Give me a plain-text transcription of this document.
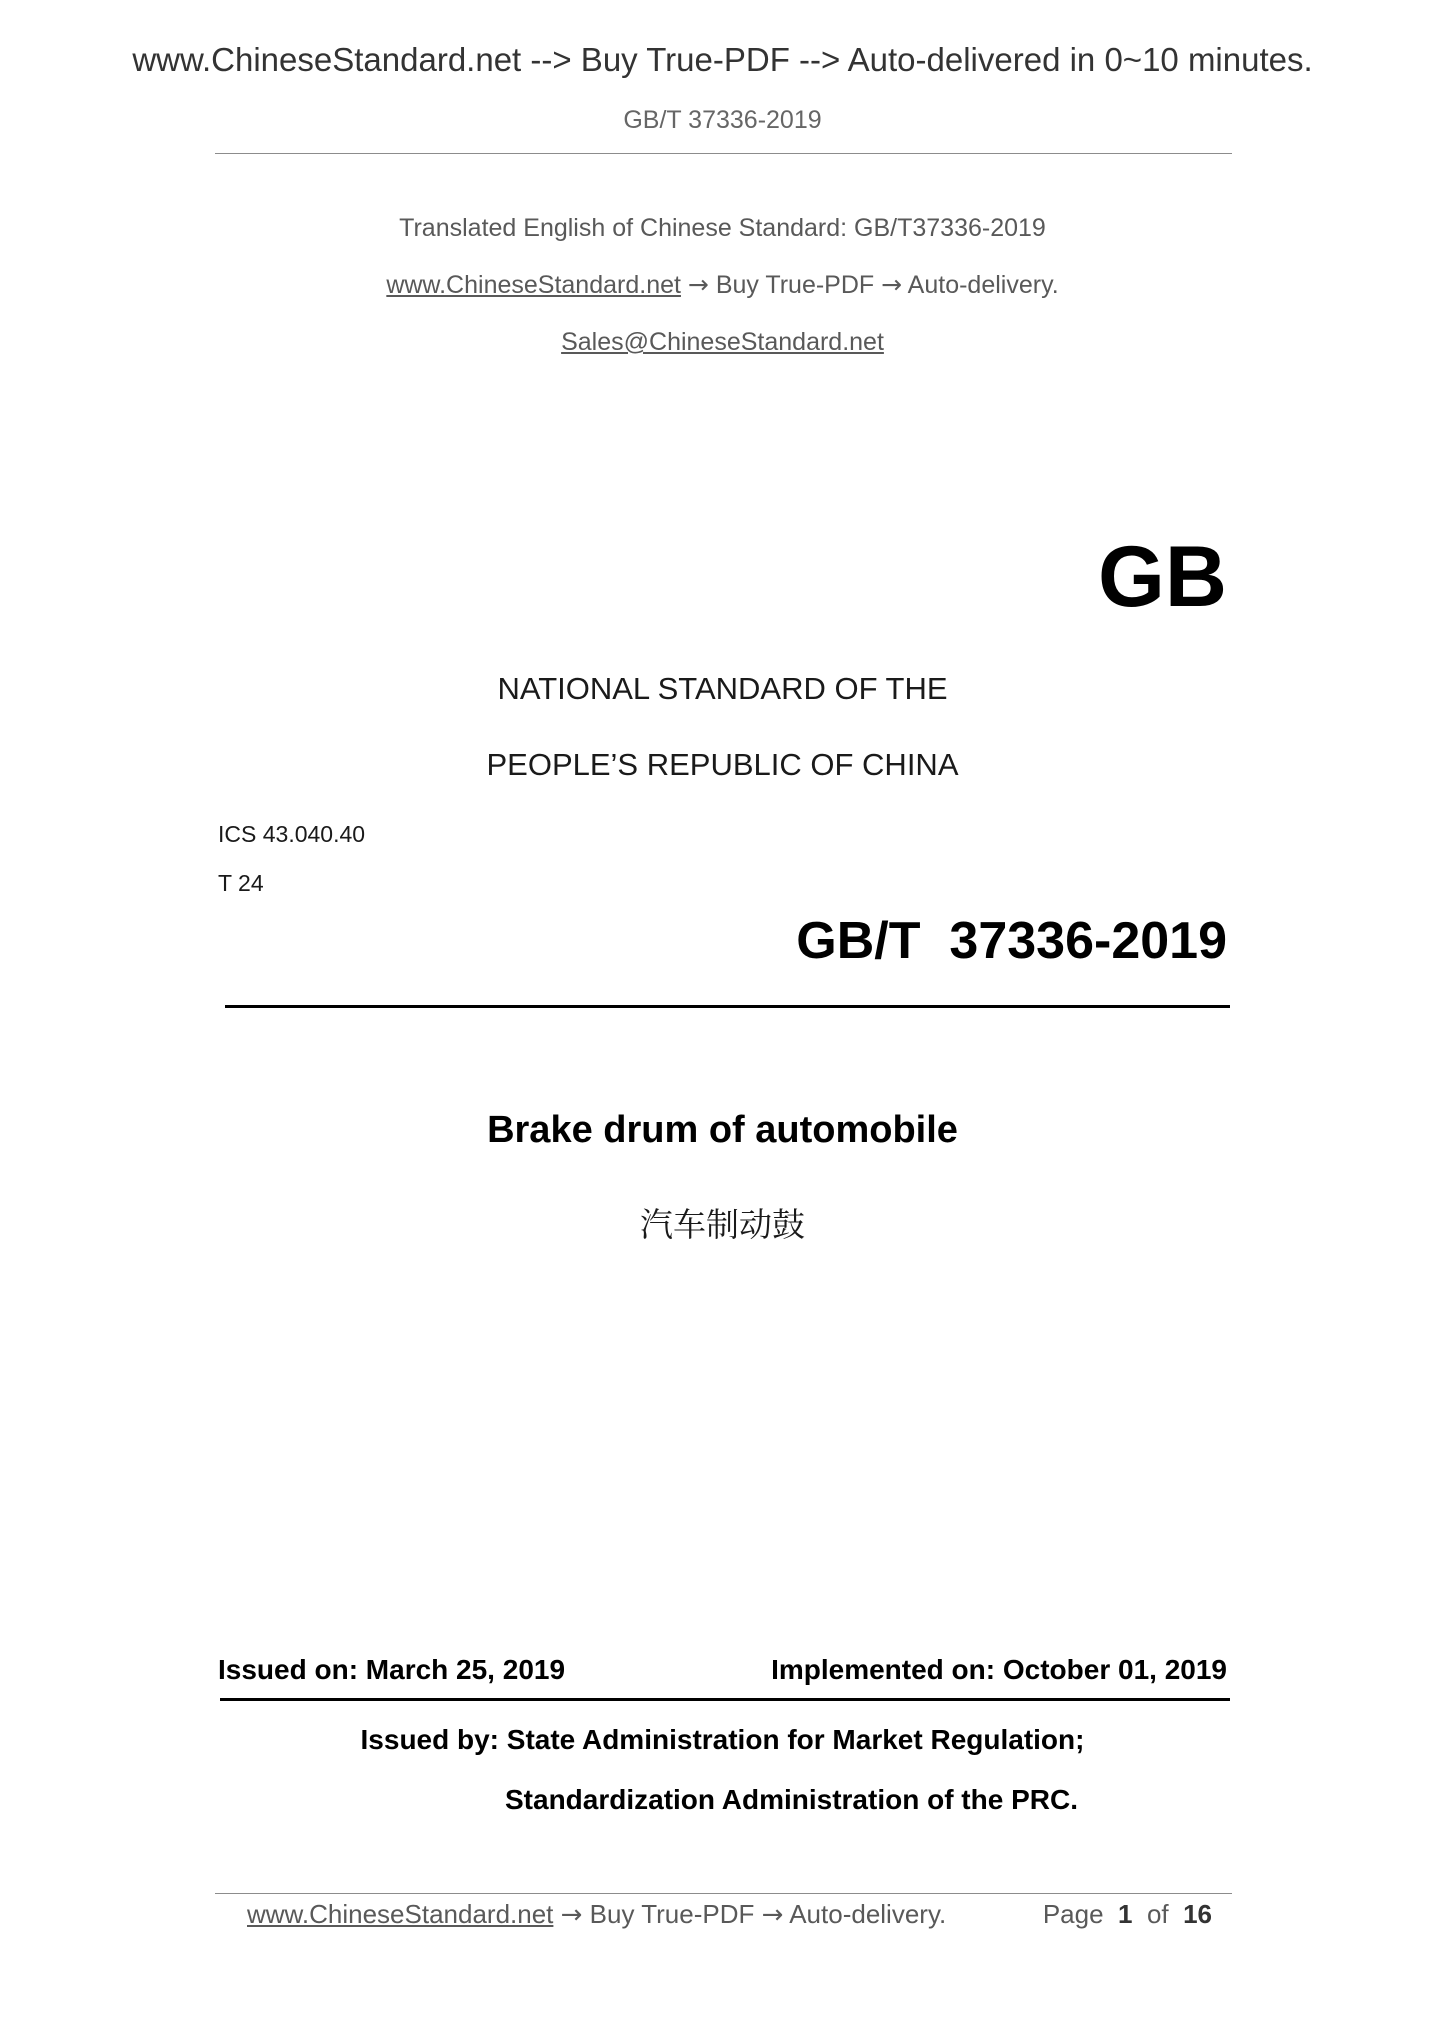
www.ChineseStandard.net --> Buy True-PDF --> Auto-delivered in 0~10 minutes.
GB/T 37336-2019
Translated English of Chinese Standard: GB/T37336-2019
www.ChineseStandard.net → Buy True-PDF → Auto-delivery.
Sales@ChineseStandard.net
GB
NATIONAL STANDARD OF THE
PEOPLE’S REPUBLIC OF CHINA
ICS 43.040.40
T 24
GB/T  37336-2019
Brake drum of automobile
汽车制动鼓
Issued on: March 25, 2019	Implemented on: October 01, 2019
Issued by: State Administration for Market Regulation;
Standardization Administration of the PRC.
www.ChineseStandard.net → Buy True-PDF → Auto-delivery.	Page 1 of 16
